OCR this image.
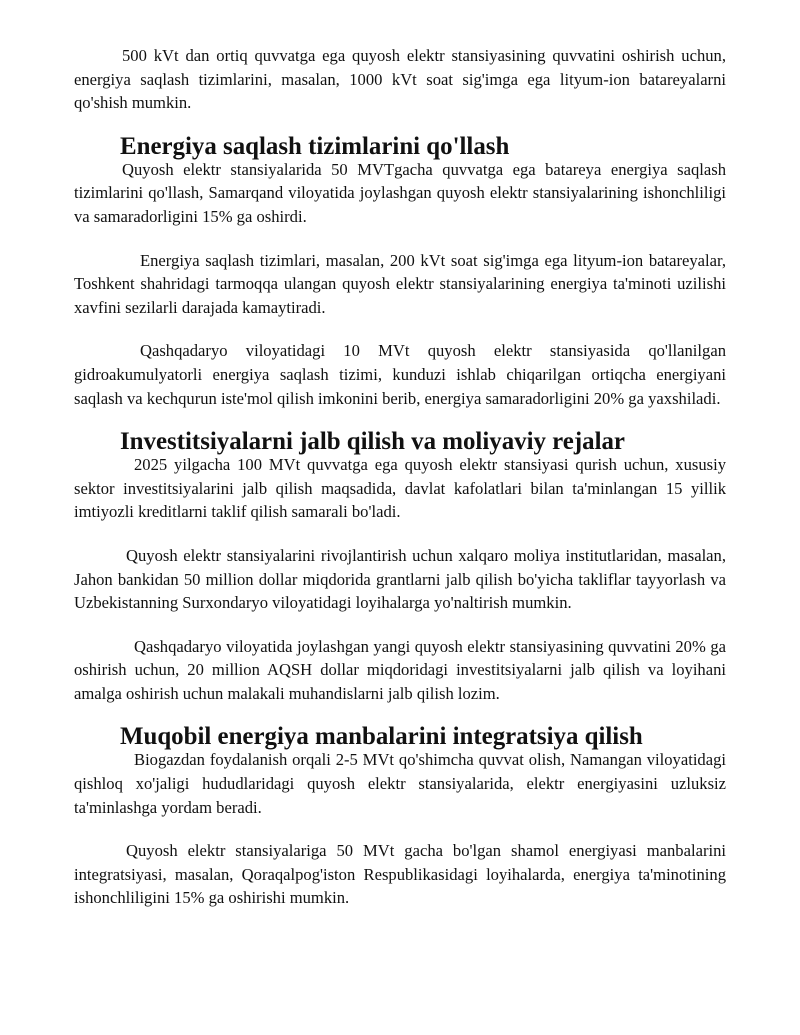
500 kVt dan ortiq quvvatga ega quyosh elektr stansiyasining quvvatini oshirish uchun, energiya saqlash tizimlarini, masalan, 1000 kVt soat sig'imga ega lityum-ion batareyalarni qo'shish mumkin.

Energiya saqlash tizimlarini qo'llash

Quyosh elektr stansiyalarida 50 MVTgacha quvvatga ega batareya energiya saqlash tizimlarini qo'llash, Samarqand viloyatida joylashgan quyosh elektr stansiyalarining ishonchliligi va samaradorligini 15% ga oshirdi.

Energiya saqlash tizimlari, masalan, 200 kVt soat sig'imga ega lityum-ion batareyalar, Toshkent shahridagi tarmoqqa ulangan quyosh elektr stansiyalarining energiya ta'minoti uzilishi xavfini sezilarli darajada kamaytiradi.

Qashqadaryo viloyatidagi 10 MVt quyosh elektr stansiyasida qo'llanilgan gidroakumulyatorli energiya saqlash tizimi, kunduzi ishlab chiqarilgan ortiqcha energiyani saqlash va kechqurun iste'mol qilish imkonini berib, energiya samaradorligini 20% ga yaxshiladi.

Investitsiyalarni jalb qilish va moliyaviy rejalar

2025 yilgacha 100 MVt quvvatga ega quyosh elektr stansiyasi qurish uchun, xususiy sektor investitsiyalarini jalb qilish maqsadida, davlat kafolatlari bilan ta'minlangan 15 yillik imtiyozli kreditlarni taklif qilish samarali bo'ladi.

Quyosh elektr stansiyalarini rivojlantirish uchun xalqaro moliya institutlaridan, masalan, Jahon bankidan 50 million dollar miqdorida grantlarni jalb qilish bo'yicha takliflar tayyorlash va Uzbekistanning Surxondaryo viloyatidagi loyihalarga yo'naltirish mumkin.

Qashqadaryo viloyatida joylashgan yangi quyosh elektr stansiyasining quvvatini 20% ga oshirish uchun, 20 million AQSH dollar miqdoridagi investitsiyalarni jalb qilish va loyihani amalga oshirish uchun malakali muhandislarni jalb qilish lozim.

Muqobil energiya manbalarini integratsiya qilish

Biogazdan foydalanish orqali 2-5 MVt qo'shimcha quvvat olish, Namangan viloyatidagi qishloq xo'jaligi hududlaridagi quyosh elektr stansiyalarida, elektr energiyasini uzluksiz ta'minlashga yordam beradi.

Quyosh elektr stansiyalariga 50 MVt gacha bo'lgan shamol energiyasi manbalarini integratsiyasi, masalan, Qoraqalpog'iston Respublikasidagi loyihalarda, energiya ta'minotining ishonchliligini 15% ga oshirishi mumkin.
